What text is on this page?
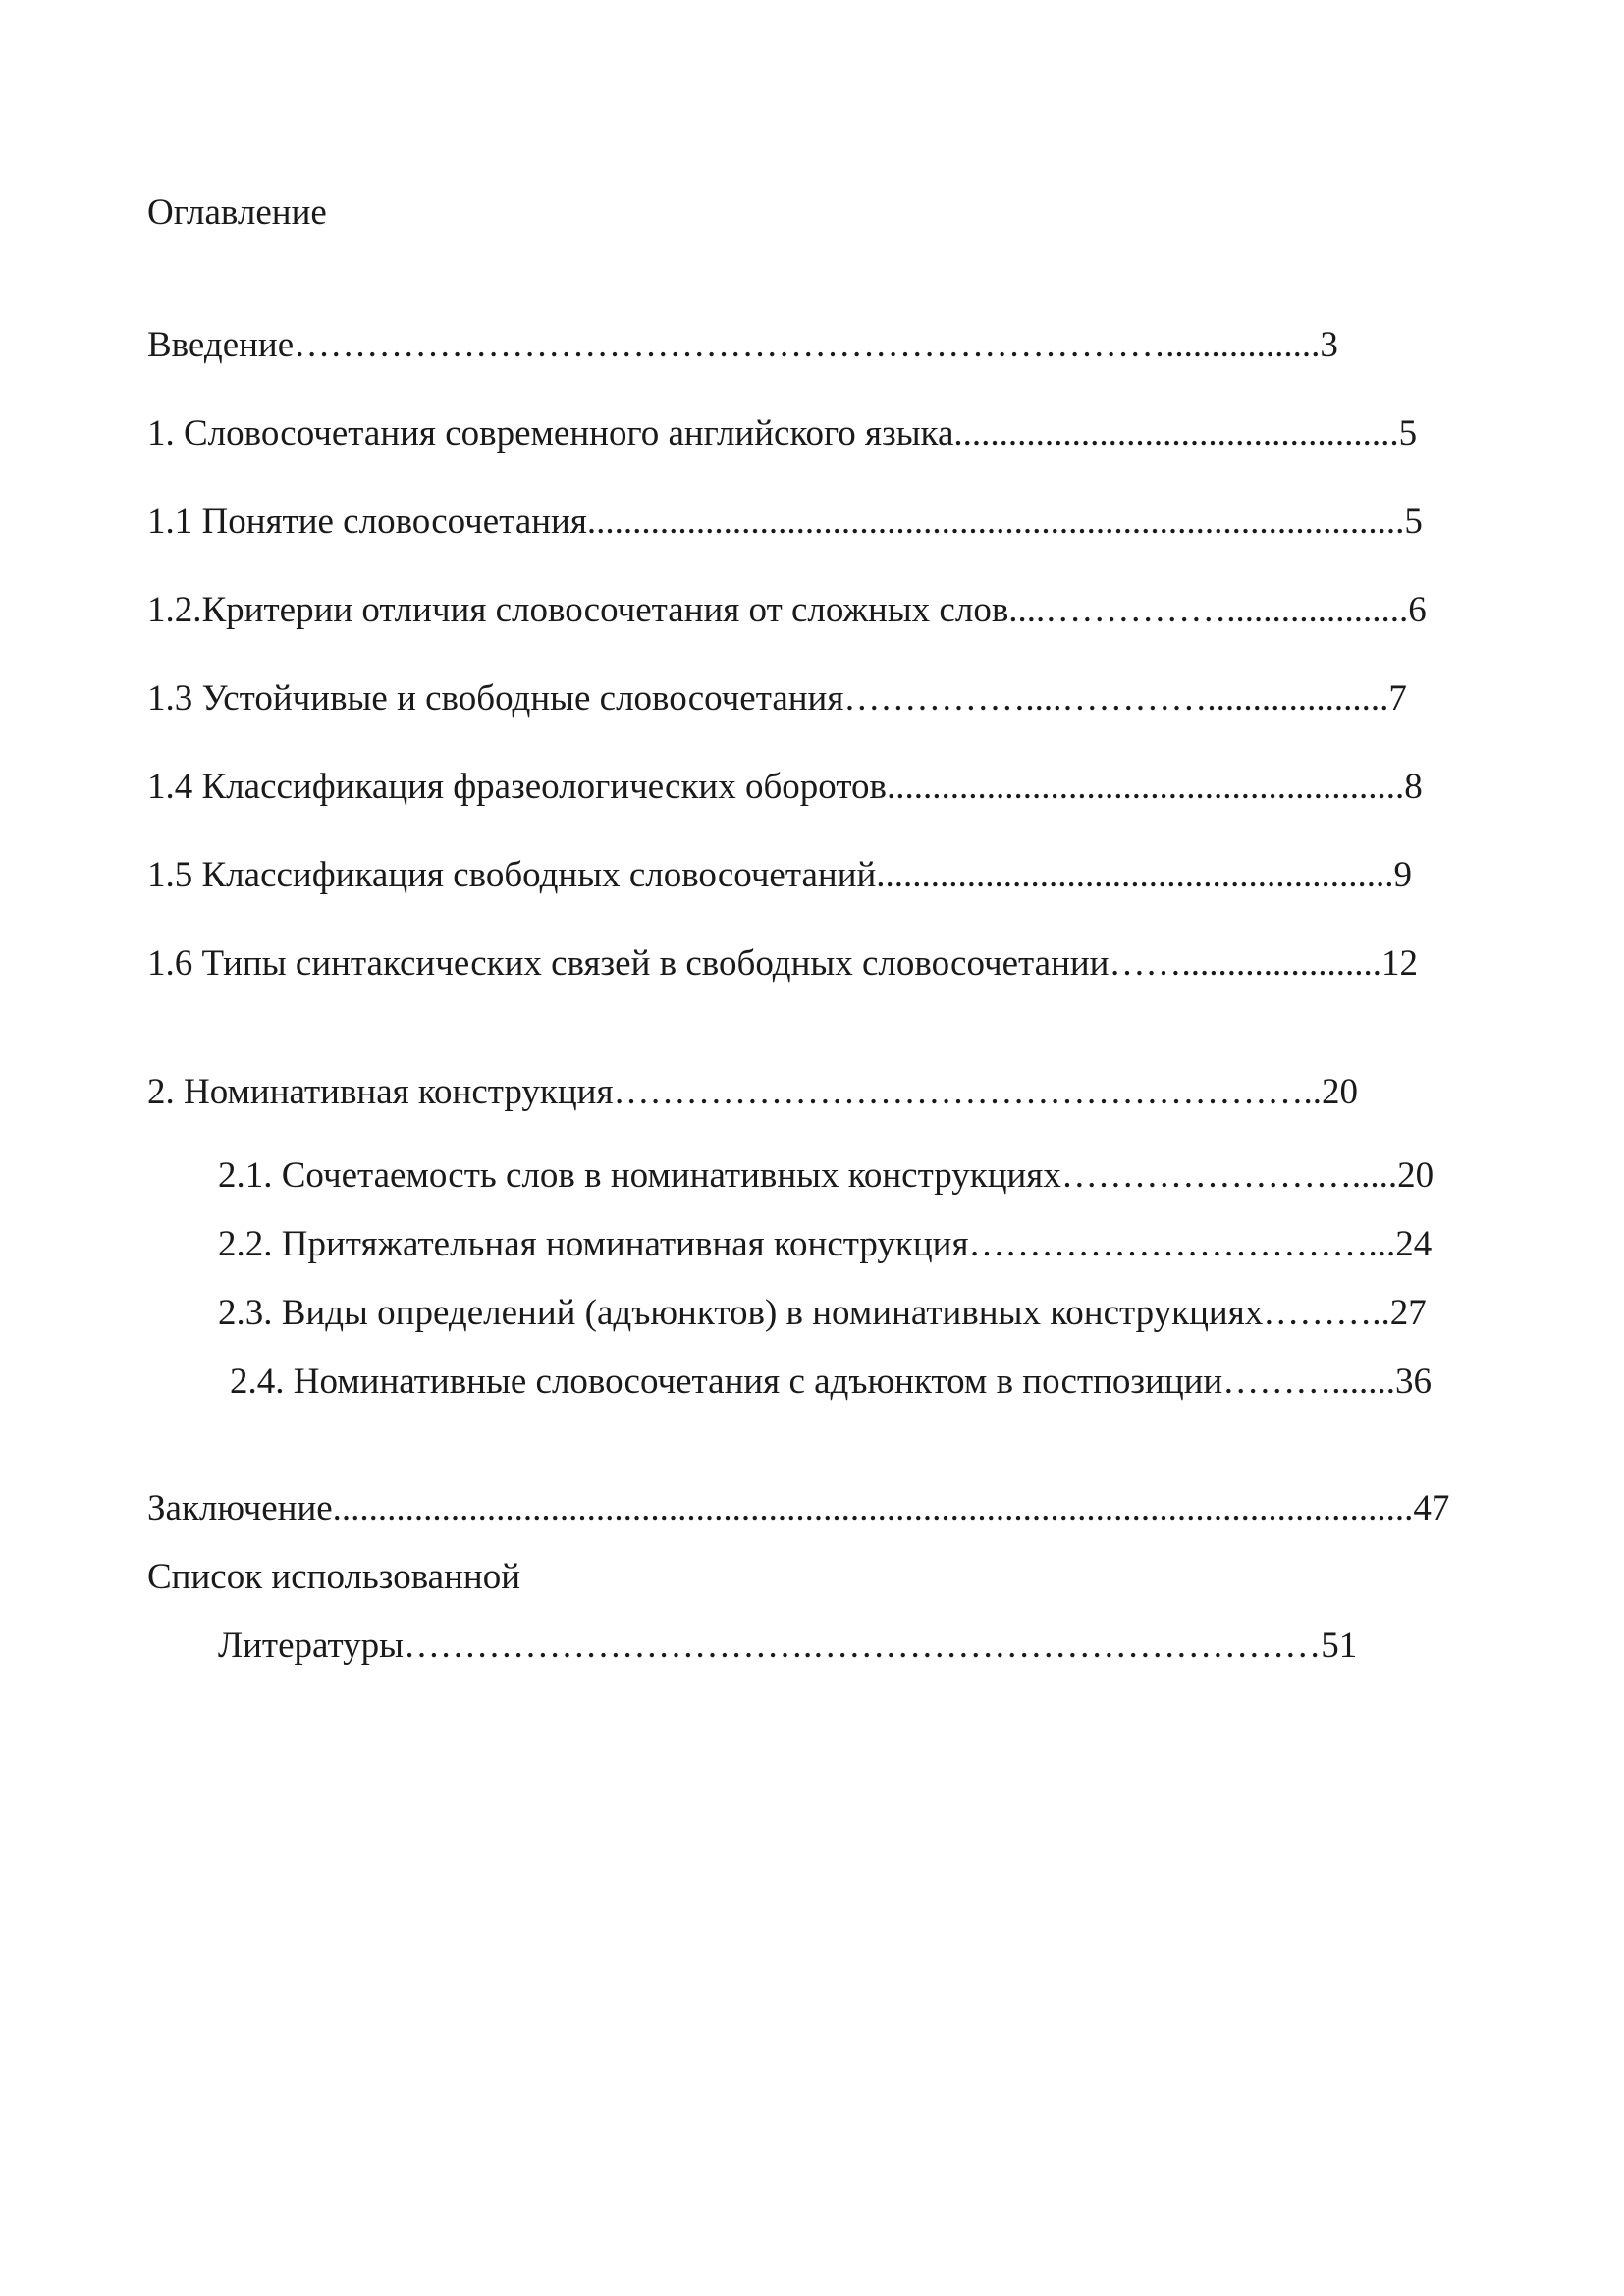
Оглавление
Введение……………………………………………………………….................3
1. Словосочетания современного английского языка.................................................5
1.1 Понятие словосочетания..........................................................................................5
1.2.Критерии отличия словосочетания от сложных слов....……………....................6
1.3 Устойчивые и свободные словосочетания……………....…………....................7
1.4 Классификация фразеологических оборотов.........................................................8
1.5 Классификация свободных словосочетаний.........................................................9
1.6 Типы синтаксических связей в свободных словосочетании……......................12
2. Номинативная конструкция…………………………………………………..20
2.1. Сочетаемость слов в номинативных конструкциях…………………….....20
2.2. Притяжательная номинативная конструкция……………………………...24
2.3. Виды определений (адъюнктов) в номинативных конструкциях………..27
2.4. Номинативные словосочетания с адъюнктом в постпозиции……….......36
Заключение.......................................................................................................................47
Список использованной
Литературы…………………………….……………………………………51
